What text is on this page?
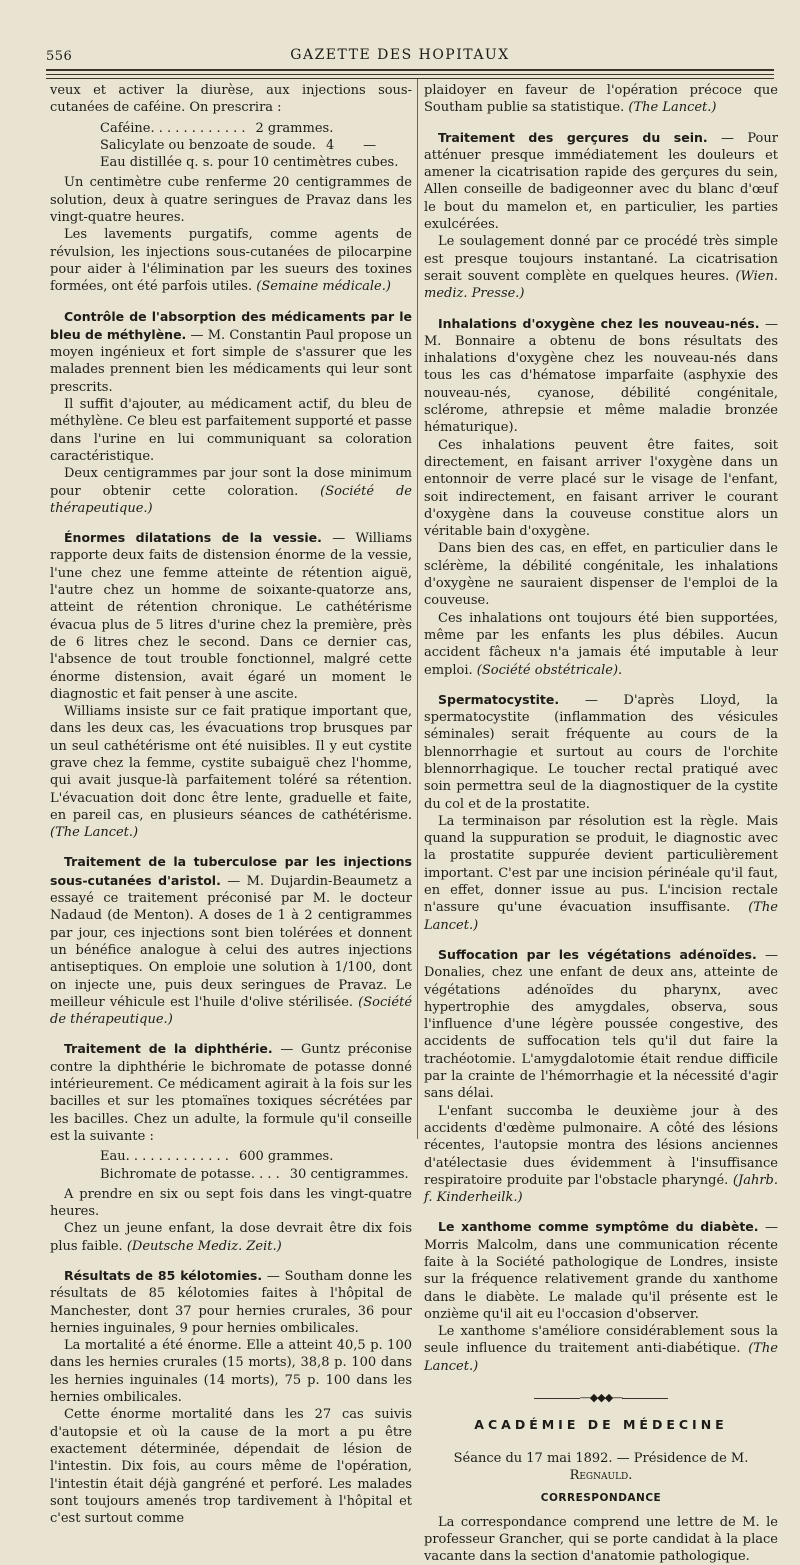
556	GAZETTE DES HOPITAUX

veux et activer la diurèse, aux injections sous-cutanées de caféine. On prescrira :

Caféine . . . . . . . . . . . . 2 grammes.
Salicylate ou benzoate de soude . 4       —
Eau distillée q. s. pour 10 centimètres cubes.

Un centimètre cube renferme 20 centigrammes de solution, deux à quatre seringues de Pravaz dans les vingt-quatre heures.

Les lavements purgatifs, comme agents de révulsion, les injections sous-cutanées de pilocarpine pour aider à l'élimination par les sueurs des toxines formées, ont été parfois utiles. (Semaine médicale.)

Contrôle de l'absorption des médicaments par le bleu de méthylène. — M. Constantin Paul propose un moyen ingénieux et fort simple de s'assurer que les malades prennent bien les médicaments qui leur sont prescrits.

Il suffit d'ajouter, au médicament actif, du bleu de méthylène. Ce bleu est parfaitement supporté et passe dans l'urine en lui communiquant sa coloration caractéristique.

Deux centigrammes par jour sont la dose minimum pour obtenir cette coloration. (Société de thérapeutique.)

Énormes dilatations de la vessie. — Williams rapporte deux faits de distension énorme de la vessie, l'une chez une femme atteinte de rétention aiguë, l'autre chez un homme de soixante-quatorze ans, atteint de rétention chronique. Le cathétérisme évacua plus de 5 litres d'urine chez la première, près de 6 litres chez le second. Dans ce dernier cas, l'absence de tout trouble fonctionnel, malgré cette énorme distension, avait égaré un moment le diagnostic et fait penser à une ascite.

Williams insiste sur ce fait pratique important que, dans les deux cas, les évacuations trop brusques par un seul cathétérisme ont été nuisibles. Il y eut cystite grave chez la femme, cystite subaiguë chez l'homme, qui avait jusque-là parfaitement toléré sa rétention. L'évacuation doit donc être lente, graduelle et faite, en pareil cas, en plusieurs séances de cathétérisme. (The Lancet.)

Traitement de la tuberculose par les injections sous-cutanées d'aristol. — M. Dujardin-Beaumetz a essayé ce traitement préconisé par M. le docteur Nadaud (de Menton). A doses de 1 à 2 centigrammes par jour, ces injections sont bien tolérées et donnent un bénéfice analogue à celui des autres injections antiseptiques. On emploie une solution à 1/100, dont on injecte une, puis deux seringues de Pravaz. Le meilleur véhicule est l'huile d'olive stérilisée. (Société de thérapeutique.)

Traitement de la diphthérie. — Guntz préconise contre la diphthérie le bichromate de potasse donné intérieurement. Ce médicament agirait à la fois sur les bacilles et sur les ptomaïnes toxiques sécrétées par les bacilles. Chez un adulte, la formule qu'il conseille est la suivante :

Eau . . . . . . . . . . . . . 600 grammes.
Bichromate de potasse . . . . 30 centigrammes.

A prendre en six ou sept fois dans les vingt-quatre heures.

Chez un jeune enfant, la dose devrait être dix fois plus faible. (Deutsche Mediz. Zeit.)

Résultats de 85 kélotomies. — Southam donne les résultats de 85 kélotomies faites à l'hôpital de Manchester, dont 37 pour hernies crurales, 36 pour hernies inguinales, 9 pour hernies ombilicales.

La mortalité a été énorme. Elle a atteint 40,5 p. 100 dans les hernies crurales (15 morts), 38,8 p. 100 dans les hernies inguinales (14 morts), 75 p. 100 dans les hernies ombilicales.

Cette énorme mortalité dans les 27 cas suivis d'autopsie et où la cause de la mort a pu être exactement déterminée, dépendait de lésion de l'intestin. Dix fois, au cours même de l'opération, l'intestin était déjà gangréné et perforé. Les malades sont toujours amenés trop tardivement à l'hôpital et c'est surtout comme

plaidoyer en faveur de l'opération précoce que Southam publie sa statistique. (The Lancet.)

Traitement des gerçures du sein. — Pour atténuer presque immédiatement les douleurs et amener la cicatrisation rapide des gerçures du sein, Allen conseille de badigeonner avec du blanc d'œuf le bout du mamelon et, en particulier, les parties exulcérées.

Le soulagement donné par ce procédé très simple est presque toujours instantané. La cicatrisation serait souvent complète en quelques heures. (Wien. mediz. Presse.)

Inhalations d'oxygène chez les nouveau-nés. — M. Bonnaire a obtenu de bons résultats des inhalations d'oxygène chez les nouveau-nés dans tous les cas d'hématose imparfaite (asphyxie des nouveau-nés, cyanose, débilité congénitale, sclérome, athrepsie et même maladie bronzée hématurique).

Ces inhalations peuvent être faites, soit directement, en faisant arriver l'oxygène dans un entonnoir de verre placé sur le visage de l'enfant, soit indirectement, en faisant arriver le courant d'oxygène dans la couveuse constitue alors un véritable bain d'oxygène.

Dans bien des cas, en effet, en particulier dans le sclérème, la débilité congénitale, les inhalations d'oxygène ne sauraient dispenser de l'emploi de la couveuse.

Ces inhalations ont toujours été bien supportées, même par les enfants les plus débiles. Aucun accident fâcheux n'a jamais été imputable à leur emploi. (Société obstétricale).

Spermatocystite. — D'après Lloyd, la spermatocystite (inflammation des vésicules séminales) serait fréquente au cours de la blennorrhagie et surtout au cours de l'orchite blennorrhagique. Le toucher rectal pratiqué avec soin permettra seul de la diagnostiquer de la cystite du col et de la prostatite.

La terminaison par résolution est la règle. Mais quand la suppuration se produit, le diagnostic avec la prostatite suppurée devient particulièrement important. C'est par une incision périnéale qu'il faut, en effet, donner issue au pus. L'incision rectale n'assure qu'une évacuation insuffisante. (The Lancet.)

Suffocation par les végétations adénoïdes. — Donalies, chez une enfant de deux ans, atteinte de végétations adénoïdes du pharynx, avec hypertrophie des amygdales, observa, sous l'influence d'une légère poussée congestive, des accidents de suffocation tels qu'il dut faire la trachéotomie. L'amygdalotomie était rendue difficile par la crainte de l'hémorrhagie et la nécessité d'agir sans délai.

L'enfant succomba le deuxième jour à des accidents d'œdème pulmonaire. A côté des lésions récentes, l'autopsie montra des lésions anciennes d'atélectasie dues évidemment à l'insuffisance respiratoire produite par l'obstacle pharyngé. (Jahrb. f. Kinderheilk.)

Le xanthome comme symptôme du diabète. — Morris Malcolm, dans une communication récente faite à la Société pathologique de Londres, insiste sur la fréquence relativement grande du xanthome dans le diabète. Le malade qu'il présente est le onzième qu'il ait eu l'occasion d'observer.

Le xanthome s'améliore considérablement sous la seule influence du traitement anti-diabétique. (The Lancet.)

—◆◆◆—
ACADÉMIE DE MÉDECINE
Séance du 17 mai 1892. — Présidence de M. Regnauld.
CORRESPONDANCE

La correspondance comprend une lettre de M. le professeur Grancher, qui se porte candidat à la place vacante dans la section d'anatomie pathologique.
